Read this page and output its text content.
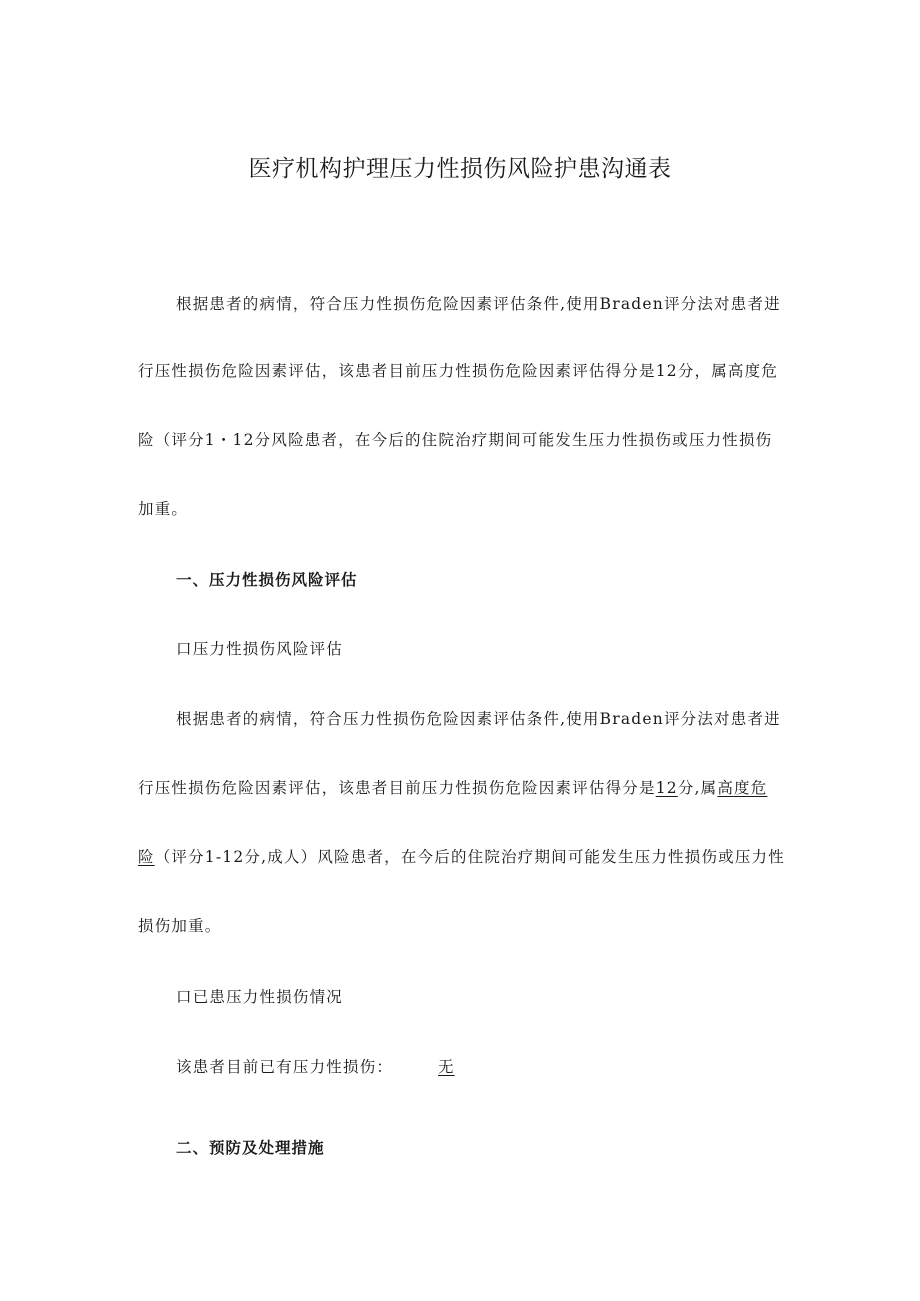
医疗机构护理压力性损伤风险护患沟通表
根据患者的病情，符合压力性损伤危险因素评估条件,使用Braden评分法对患者进
行压性损伤危险因素评估，该患者目前压力性损伤危险因素评估得分是12分，属高度危
险（评分1・12分风险患者，在今后的住院治疗期间可能发生压力性损伤或压力性损伤
加重。
一、压力性损伤风险评估
口压力性损伤风险评估
根据患者的病情，符合压力性损伤危险因素评估条件,使用Braden评分法对患者进
行压性损伤危险因素评估，该患者目前压力性损伤危险因素评估得分是12分,属高度危
险（评分1-12分,成人）风险患者，在今后的住院治疗期间可能发生压力性损伤或压力性
损伤加重。
口已患压力性损伤情况
该患者目前已有压力性损伤：	无
二、预防及处理措施
